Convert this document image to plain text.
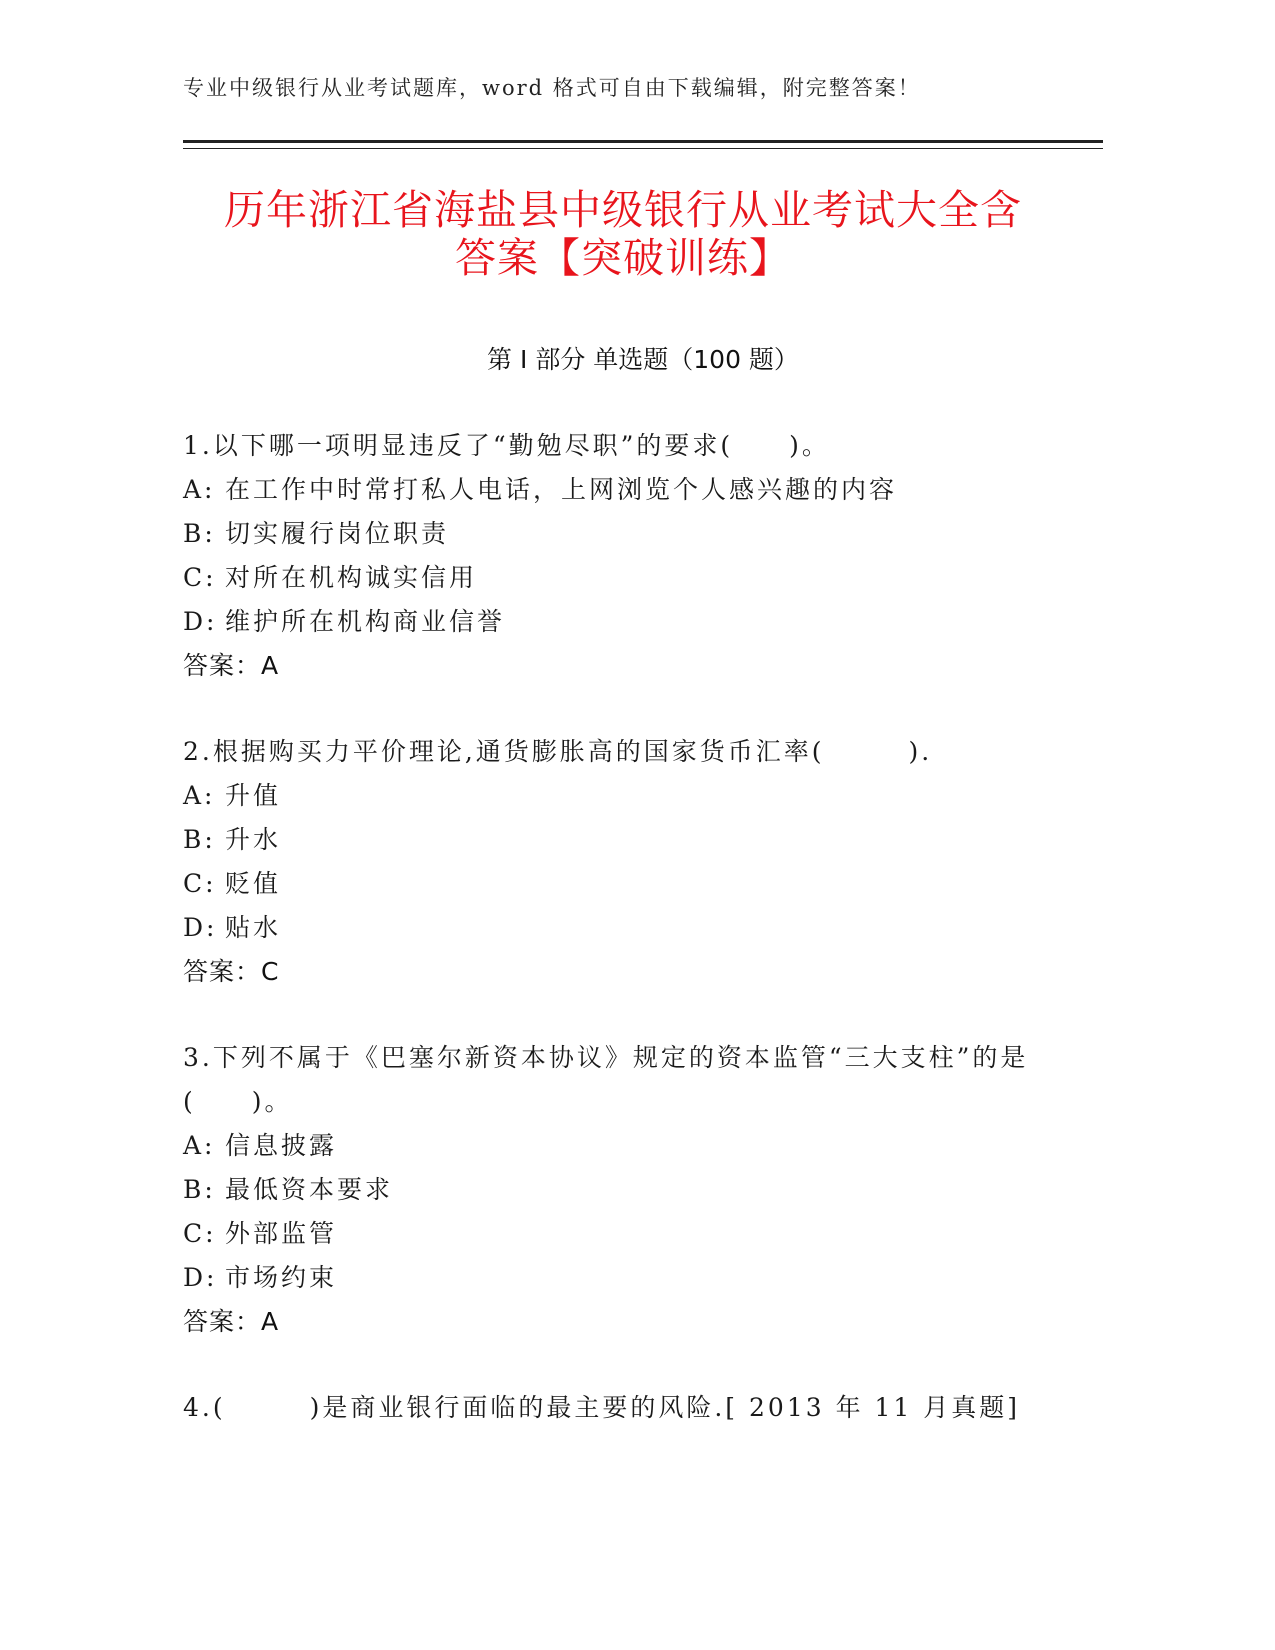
专业中级银行从业考试题库，word 格式可自由下载编辑，附完整答案！
历年浙江省海盐县中级银行从业考试大全含
答案【突破训练】
第 I 部分 单选题（100 题）
1.以下哪一项明显违反了“勤勉尽职”的要求(　　)。
A: 在工作中时常打私人电话，上网浏览个人感兴趣的内容
B: 切实履行岗位职责
C: 对所在机构诚实信用
D: 维护所在机构商业信誉
答案：A
2.根据购买力平价理论,通货膨胀高的国家货币汇率(　　　).
A: 升值
B: 升水
C: 贬值
D: 贴水
答案：C
3.下列不属于《巴塞尔新资本协议》规定的资本监管“三大支柱”的是(　　)。
A: 信息披露
B: 最低资本要求
C: 外部监管
D: 市场约束
答案：A
4.(　　　)是商业银行面临的最主要的风险.[ 2013 年 11 月真题]
